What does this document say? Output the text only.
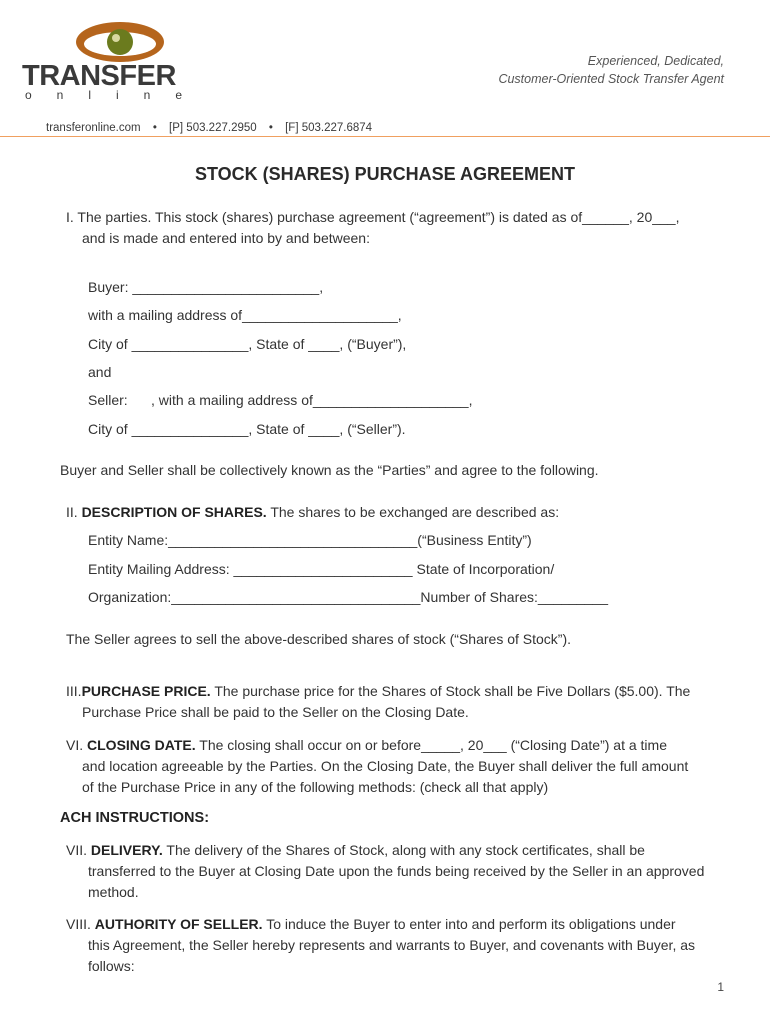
TRANSFER
online
Experienced, Dedicated,
Customer-Oriented Stock Transfer Agent
transferonline.com • [P] 503.227.2950 • [F] 503.227.6874
STOCK (SHARES) PURCHASE AGREEMENT
I. The parties. This stock (shares) purchase agreement (“agreement”) is dated as of______, 20___,
and is made and entered into by and between:
Buyer: ________________________,
with a mailing address of____________________,
City of _______________, State of ____, (“Buyer”),
and
Seller:      , with a mailing address of____________________,
City of _______________, State of ____, (“Seller”).
Buyer and Seller shall be collectively known as the “Parties” and agree to the following.
II. DESCRIPTION OF SHARES. The shares to be exchanged are described as:
Entity Name:________________________________(“Business Entity”)
Entity Mailing Address: _______________________ State of Incorporation/
Organization:________________________________Number of Shares:_________
The Seller agrees to sell the above-described shares of stock (“Shares of Stock”).
III.PURCHASE PRICE. The purchase price for the Shares of Stock shall be Five Dollars ($5.00). The
Purchase Price shall be paid to the Seller on the Closing Date.
VI. CLOSING DATE. The closing shall occur on or before_____, 20___ (“Closing Date”) at a time
and location agreeable by the Parties. On the Closing Date, the Buyer shall deliver the full amount
of the Purchase Price in any of the following methods: (check all that apply)
ACH INSTRUCTIONS:
VII. DELIVERY. The delivery of the Shares of Stock, along with any stock certificates, shall be
transferred to the Buyer at Closing Date upon the funds being received by the Seller in an approved
method.
VIII. AUTHORITY OF SELLER. To induce the Buyer to enter into and perform its obligations under
this Agreement, the Seller hereby represents and warrants to Buyer, and covenants with Buyer, as
follows:
1
